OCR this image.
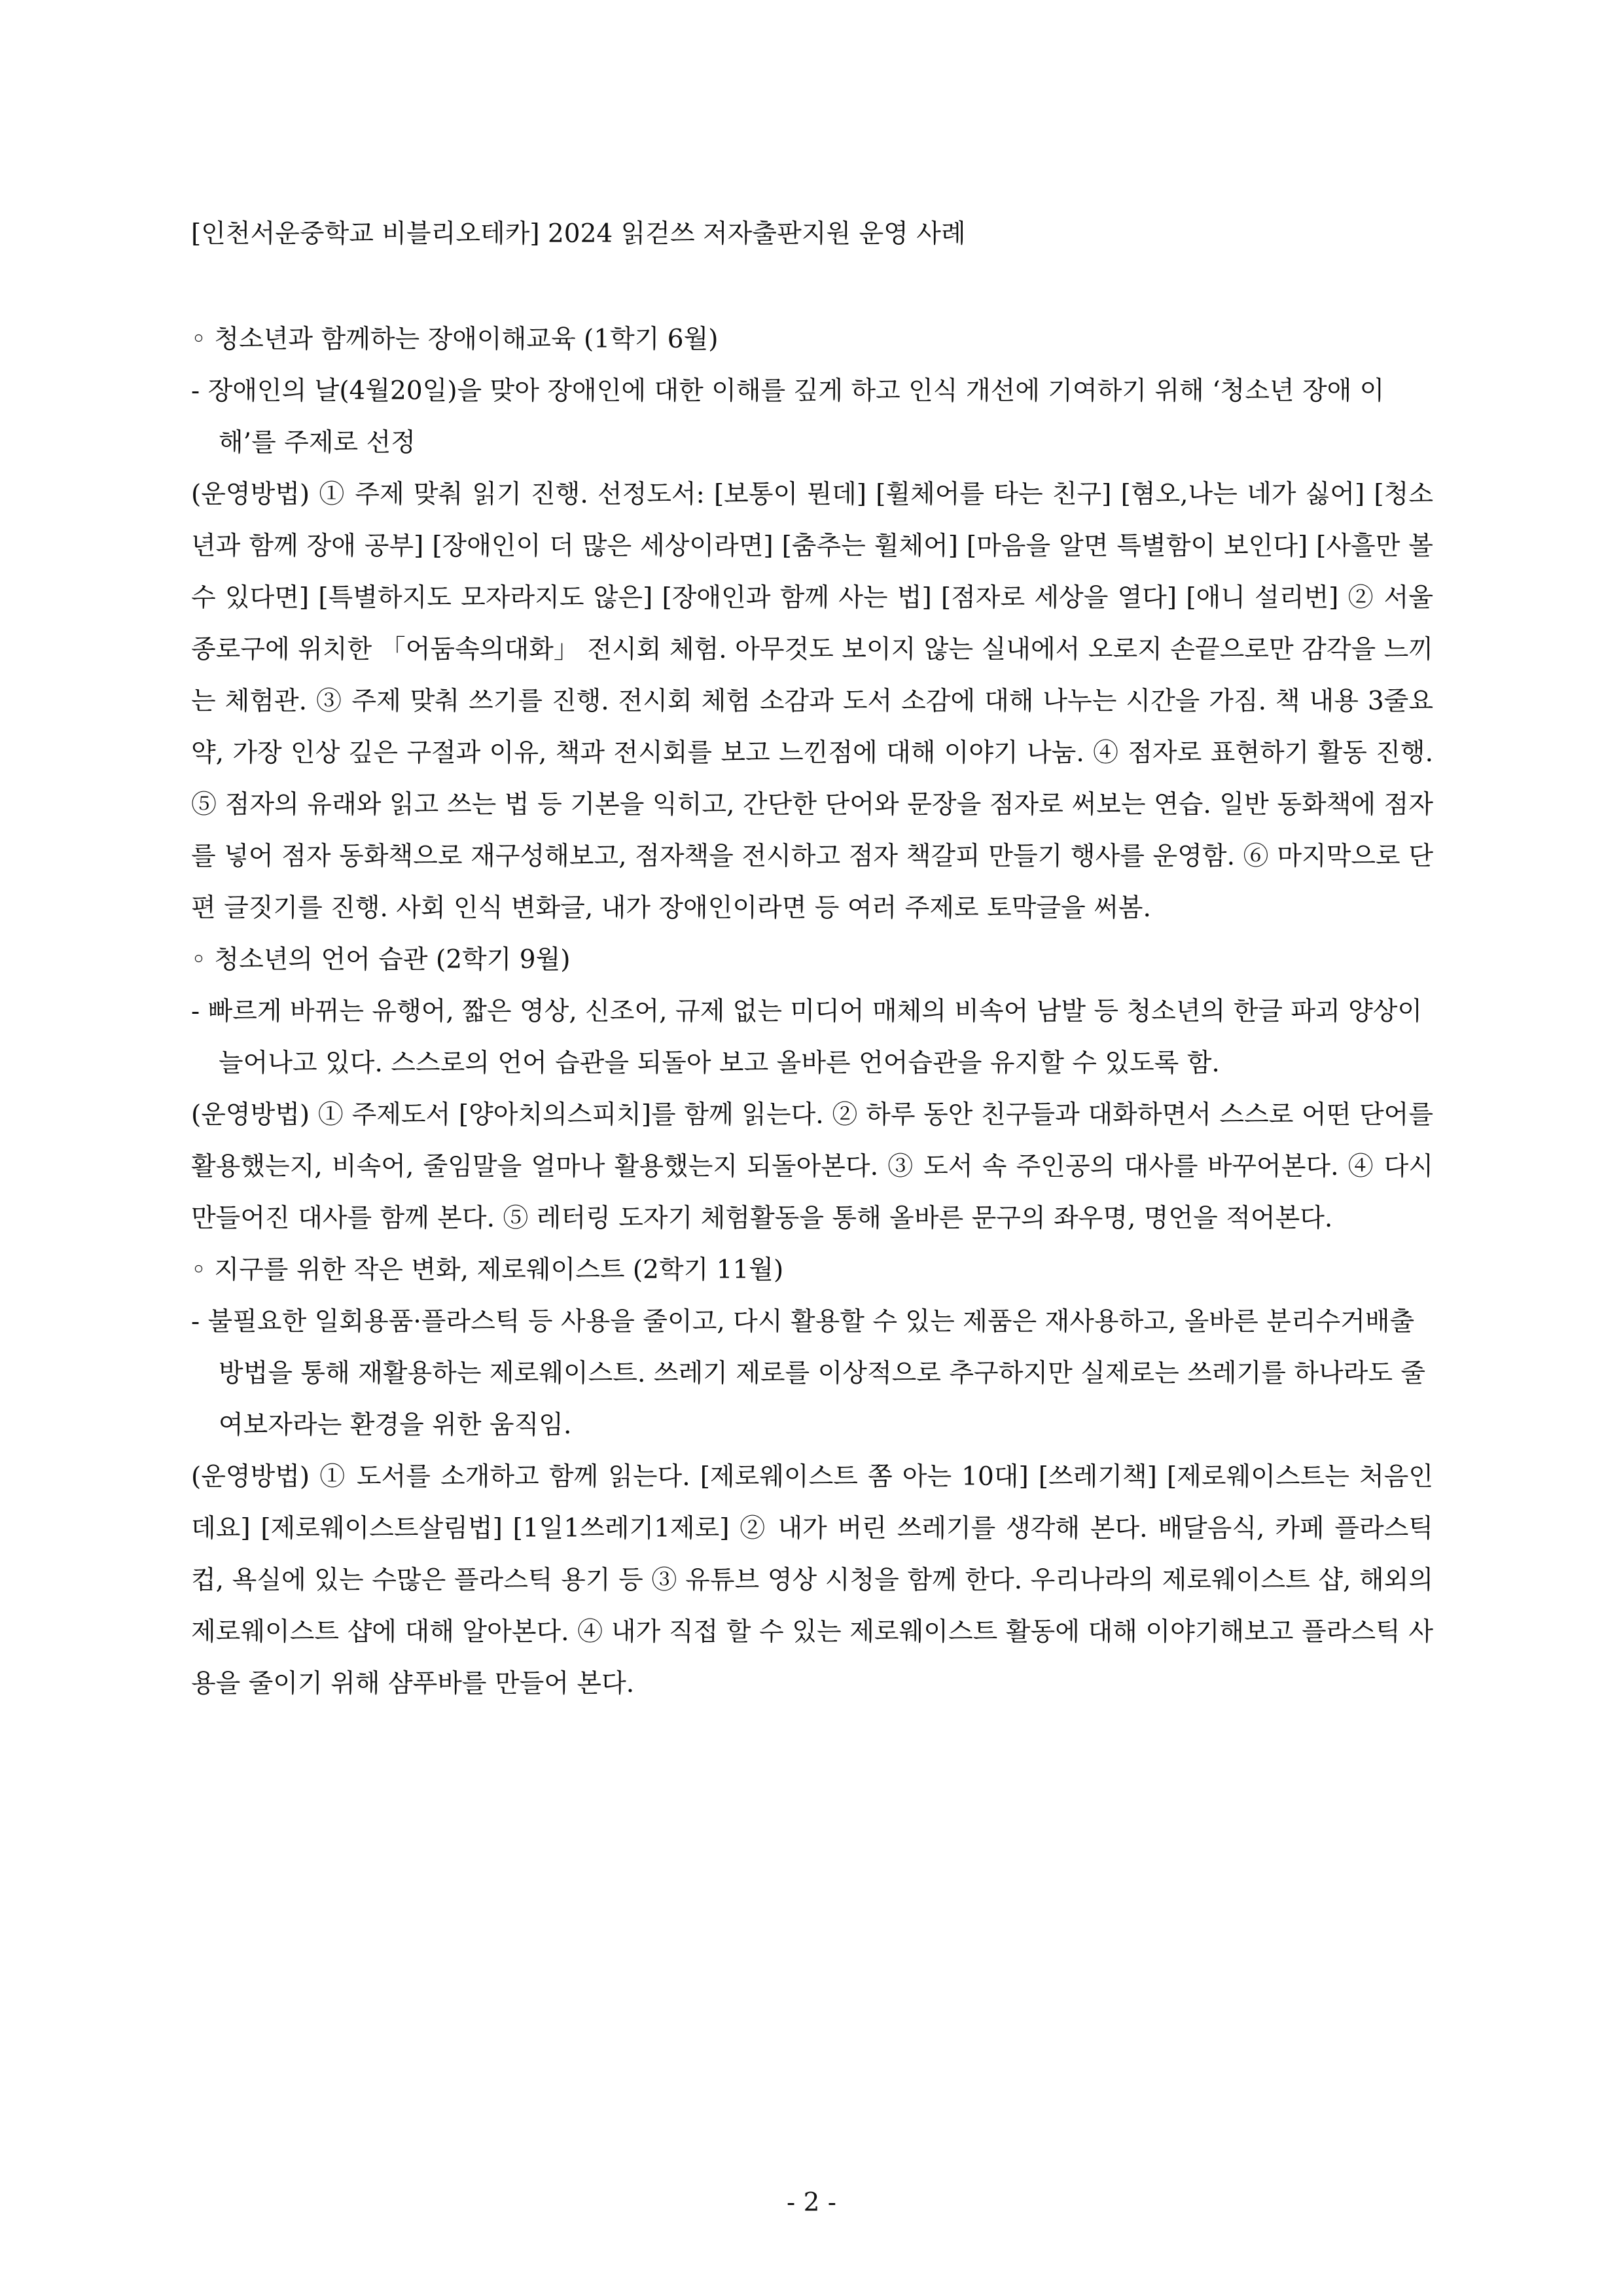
[인천서운중학교 비블리오테카] 2024 읽걷쓰 저자출판지원 운영 사례

◦ 청소년과 함께하는 장애이해교육 (1학기 6월)

- 장애인의 날(4월20일)을 맞아 장애인에 대한 이해를 깊게 하고 인식 개선에 기여하기 위해 ‘청소년 장애 이해’를 주제로 선정

(운영방법) ① 주제 맞춰 읽기 진행. 선정도서: [보통이 뭔데] [휠체어를 타는 친구] [혐오,나는 네가 싫어] [청소년과 함께 장애 공부] [장애인이 더 많은 세상이라면] [춤추는 휠체어] [마음을 알면 특별함이 보인다] [사흘만 볼 수 있다면] [특별하지도 모자라지도 않은] [장애인과 함께 사는 법] [점자로 세상을 열다] [애니 설리번] ② 서울 종로구에 위치한 「어둠속의대화」 전시회 체험. 아무것도 보이지 않는 실내에서 오로지 손끝으로만 감각을 느끼는 체험관. ③ 주제 맞춰 쓰기를 진행. 전시회 체험 소감과 도서 소감에 대해 나누는 시간을 가짐. 책 내용 3줄요약, 가장 인상 깊은 구절과 이유, 책과 전시회를 보고 느낀점에 대해 이야기 나눔. ④ 점자로 표현하기 활동 진행. ⑤ 점자의 유래와 읽고 쓰는 법 등 기본을 익히고, 간단한 단어와 문장을 점자로 써보는 연습. 일반 동화책에 점자를 넣어 점자 동화책으로 재구성해보고, 점자책을 전시하고 점자 책갈피 만들기 행사를 운영함. ⑥ 마지막으로 단편 글짓기를 진행. 사회 인식 변화글, 내가 장애인이라면 등 여러 주제로 토막글을 써봄.

◦ 청소년의 언어 습관 (2학기 9월)

- 빠르게 바뀌는 유행어, 짧은 영상, 신조어, 규제 없는 미디어 매체의 비속어 남발 등 청소년의 한글 파괴 양상이 늘어나고 있다. 스스로의 언어 습관을 되돌아 보고 올바른 언어습관을 유지할 수 있도록 함.

(운영방법) ① 주제도서 [양아치의스피치]를 함께 읽는다. ② 하루 동안 친구들과 대화하면서 스스로 어떤 단어를 활용했는지, 비속어, 줄임말을 얼마나 활용했는지 되돌아본다. ③ 도서 속 주인공의 대사를 바꾸어본다. ④ 다시 만들어진 대사를 함께 본다. ⑤ 레터링 도자기 체험활동을 통해 올바른 문구의 좌우명, 명언을 적어본다.

◦ 지구를 위한 작은 변화, 제로웨이스트 (2학기 11월)

- 불필요한 일회용품·플라스틱 등 사용을 줄이고, 다시 활용할 수 있는 제품은 재사용하고, 올바른 분리수거배출 방법을 통해 재활용하는 제로웨이스트. 쓰레기 제로를 이상적으로 추구하지만 실제로는 쓰레기를 하나라도 줄여보자라는 환경을 위한 움직임.

(운영방법) ① 도서를 소개하고 함께 읽는다. [제로웨이스트 쫌 아는 10대] [쓰레기책] [제로웨이스트는 처음인데요] [제로웨이스트살림법] [1일1쓰레기1제로] ② 내가 버린 쓰레기를 생각해 본다. 배달음식, 카페 플라스틱 컵, 욕실에 있는 수많은 플라스틱 용기 등 ③ 유튜브 영상 시청을 함께 한다. 우리나라의 제로웨이스트 샵, 해외의 제로웨이스트 샵에 대해 알아본다. ④ 내가 직접 할 수 있는 제로웨이스트 활동에 대해 이야기해보고 플라스틱 사용을 줄이기 위해 샴푸바를 만들어 본다.

- 2 -
